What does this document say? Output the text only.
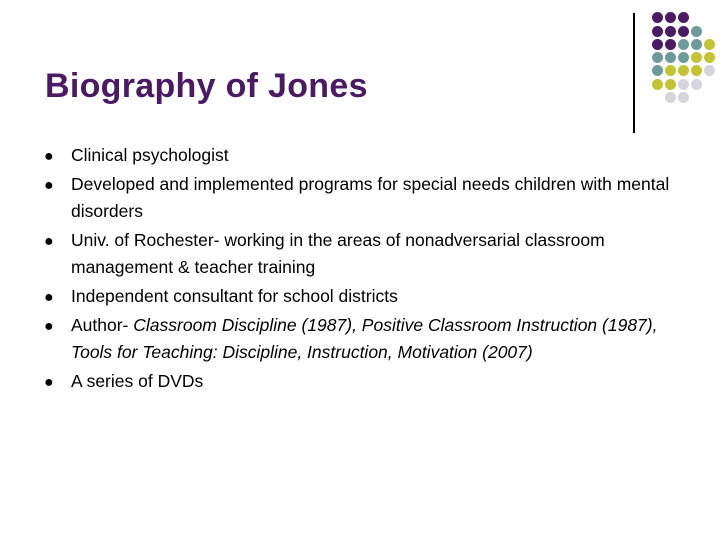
Biography of Jones
● Clinical psychologist
● Developed and implemented programs for special needs children with mental disorders
● Univ. of Rochester- working in the areas of nonadversarial classroom management & teacher training
● Independent consultant for school districts
● Author- Classroom Discipline (1987), Positive Classroom Instruction (1987), Tools for Teaching: Discipline, Instruction, Motivation (2007)
● A series of DVDs
